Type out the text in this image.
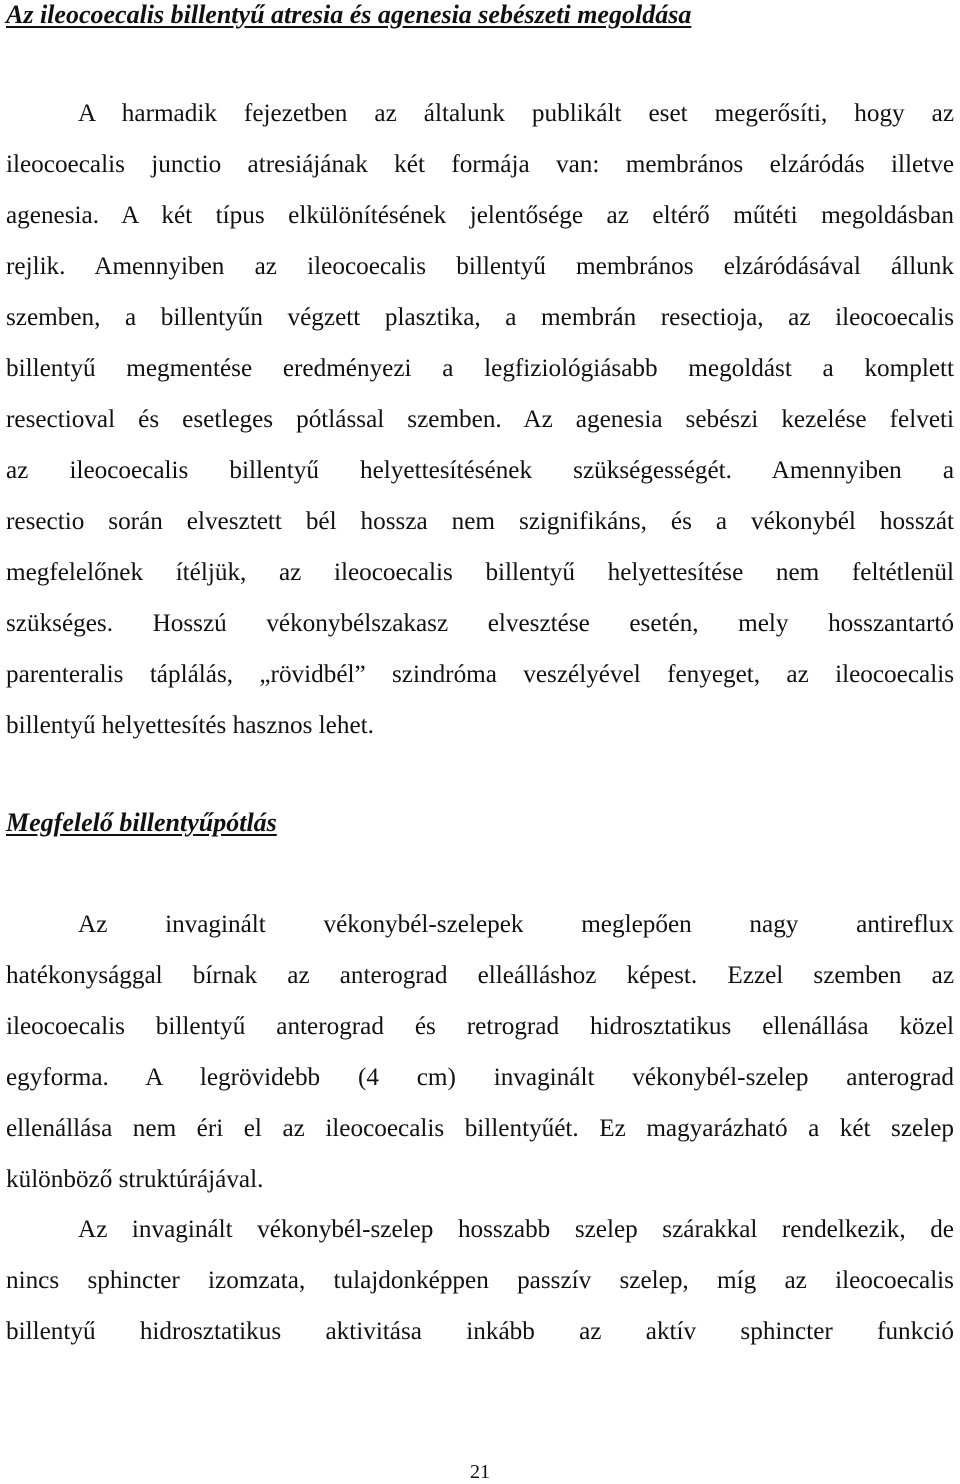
Az ileocoecalis billentyű atresia és agenesia sebészeti megoldása

A harmadik fejezetben az általunk publikált eset megerősíti, hogy az
ileocoecalis junctio atresiájának két formája van: membrános elzáródás illetve
agenesia. A két típus elkülönítésének jelentősége az eltérő műtéti megoldásban
rejlik. Amennyiben az ileocoecalis billentyű membrános elzáródásával állunk
szemben, a billentyűn végzett plasztika, a membrán resectioja, az ileocoecalis
billentyű megmentése eredményezi a legfiziológiásabb megoldást a komplett
resectioval és esetleges pótlással szemben. Az agenesia sebészi kezelése felveti
az ileocoecalis billentyű helyettesítésének szükségességét. Amennyiben a
resectio során elvesztett bél hossza nem szignifikáns, és a vékonybél hosszát
megfelelőnek ítéljük, az ileocoecalis billentyű helyettesítése nem feltétlenül
szükséges. Hosszú vékonybélszakasz elvesztése esetén, mely hosszantartó
parenteralis táplálás, „rövidbél” szindróma veszélyével fenyeget, az ileocoecalis
billentyű helyettesítés hasznos lehet.

Megfelelő billentyűpótlás

Az invaginált vékonybél-szelepek meglepően nagy antireflux
hatékonysággal bírnak az anterograd elleálláshoz képest. Ezzel szemben az
ileocoecalis billentyű anterograd és retrograd hidrosztatikus ellenállása közel
egyforma. A legrövidebb (4 cm) invaginált vékonybél-szelep anterograd
ellenállása nem éri el az ileocoecalis billentyűét. Ez magyarázható a két szelep
különböző struktúrájával.

Az invaginált vékonybél-szelep hosszabb szelep szárakkal rendelkezik, de
nincs sphincter izomzata, tulajdonképpen passzív szelep, míg az ileocoecalis
billentyű hidrosztatikus aktivitása inkább az aktív sphincter funkció

21
